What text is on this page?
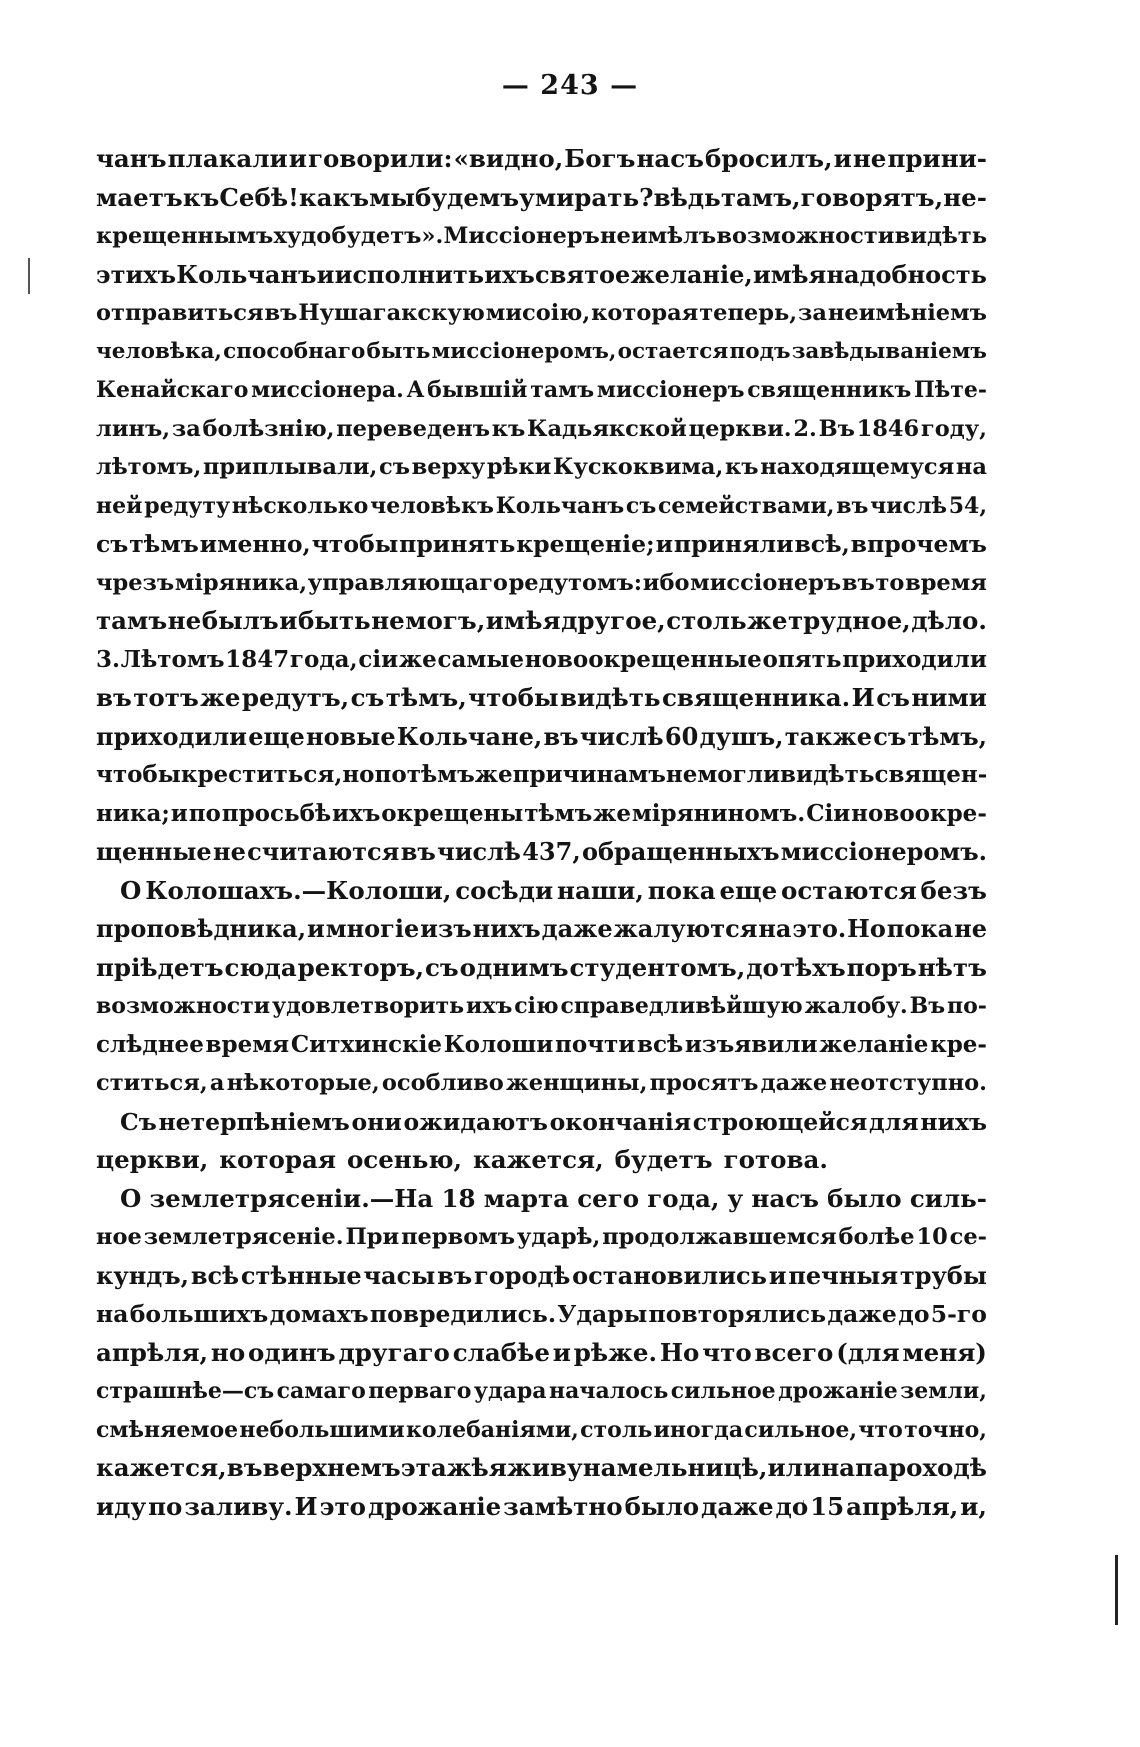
— 243 —
чанъ плакали и говорили: «видно, Богъ насъ бросилъ, и не прини-
маетъ къ Себѣ! какъ мы будемъ умирать? вѣдь тамъ, говорятъ, не-
крещеннымъ худо будетъ». Миссіонеръ не имѣлъ возможности видѣть
этихъ Кольчанъ и исполнить ихъ святое желаніе, имѣя надобность
отправиться въ Нушагакскую мисоію, которая теперь, за неимѣніемъ
человѣка, способнаго быть миссіонеромъ, остается подъ завѣдываніемъ
Кенайскаго миссіонера. А бывшій тамъ миссіонеръ священникъ Пѣте-
линъ, за болѣзнію, переведенъ къ Кадьякской церкви. 2. Въ 1846 году,
лѣтомъ, приплывали, съ верху рѣки Кускоквима, къ находящемуся на
ней редуту нѣсколько человѣкъ Кольчанъ съ семействами, въ числѣ 54,
съ тѣмъ именно, чтобы принять крещеніе; и приняли всѣ, впрочемъ
чрезъ міряника, управляющаго редутомъ: ибо миссіонеръ въ то время
тамъ не былъ и быть не могъ, имѣя другое, столь же трудное, дѣло.
3. Лѣтомъ 1847 года, сіи же самые новоокрещенные опять приходили
въ тотъ же редутъ, съ тѣмъ, чтобы видѣть священника. И съ ними
приходили еще новые Кольчане, въ числѣ 60 душъ, также съ тѣмъ,
чтобы креститься, но по тѣмъ же причинамъ не могли видѣть священ-
ника; и по просьбѣ ихъ окрещены тѣмъ же міряниномъ. Сіи новоокре-
щенные не считаются въ числѣ 437, обращенныхъ миссіонеромъ.
О Колошахъ.—Колоши, сосѣди наши, пока еще остаются безъ
проповѣдника, и многіе изъ нихъ даже жалуются на это. Но пока не
пріѣдетъ сюда ректоръ, съ однимъ студентомъ, до тѣхъ поръ нѣтъ
возможности удовлетворить ихъ сію справедливѣйшую жалобу. Въ по-
слѣднее время Ситхинскіе Колоши почти всѣ изъявили желаніе кре-
ститься, а нѣкоторые, особливо женщины, просятъ даже неотступно.
Съ нетерпѣніемъ они ожидаютъ окончанія строющейся для нихъ
церкви, которая осенью, кажется, будетъ готова.
О землетрясеніи.—На 18 марта сего года, у насъ было силь-
ное землетрясеніе. При первомъ ударѣ, продолжавшемся болѣе 10 се-
кундъ, всѣ стѣнные часы въ городѣ остановились и печныя трубы
на большихъ домахъ повредились. Удары повторялись даже до 5-го
апрѣля, но одинъ другаго слабѣе и рѣже. Но что всего (для меня)
страшнѣе—съ самаго перваго удара началось сильное дрожаніе земли,
смѣняемое небольшими колебаніями, столь иногда сильное, что точно,
кажется, въ верхнемъ этажѣ я живу на мельницѣ, или на пароходѣ
иду по заливу. И это дрожаніе замѣтно было даже до 15 апрѣля, и,
